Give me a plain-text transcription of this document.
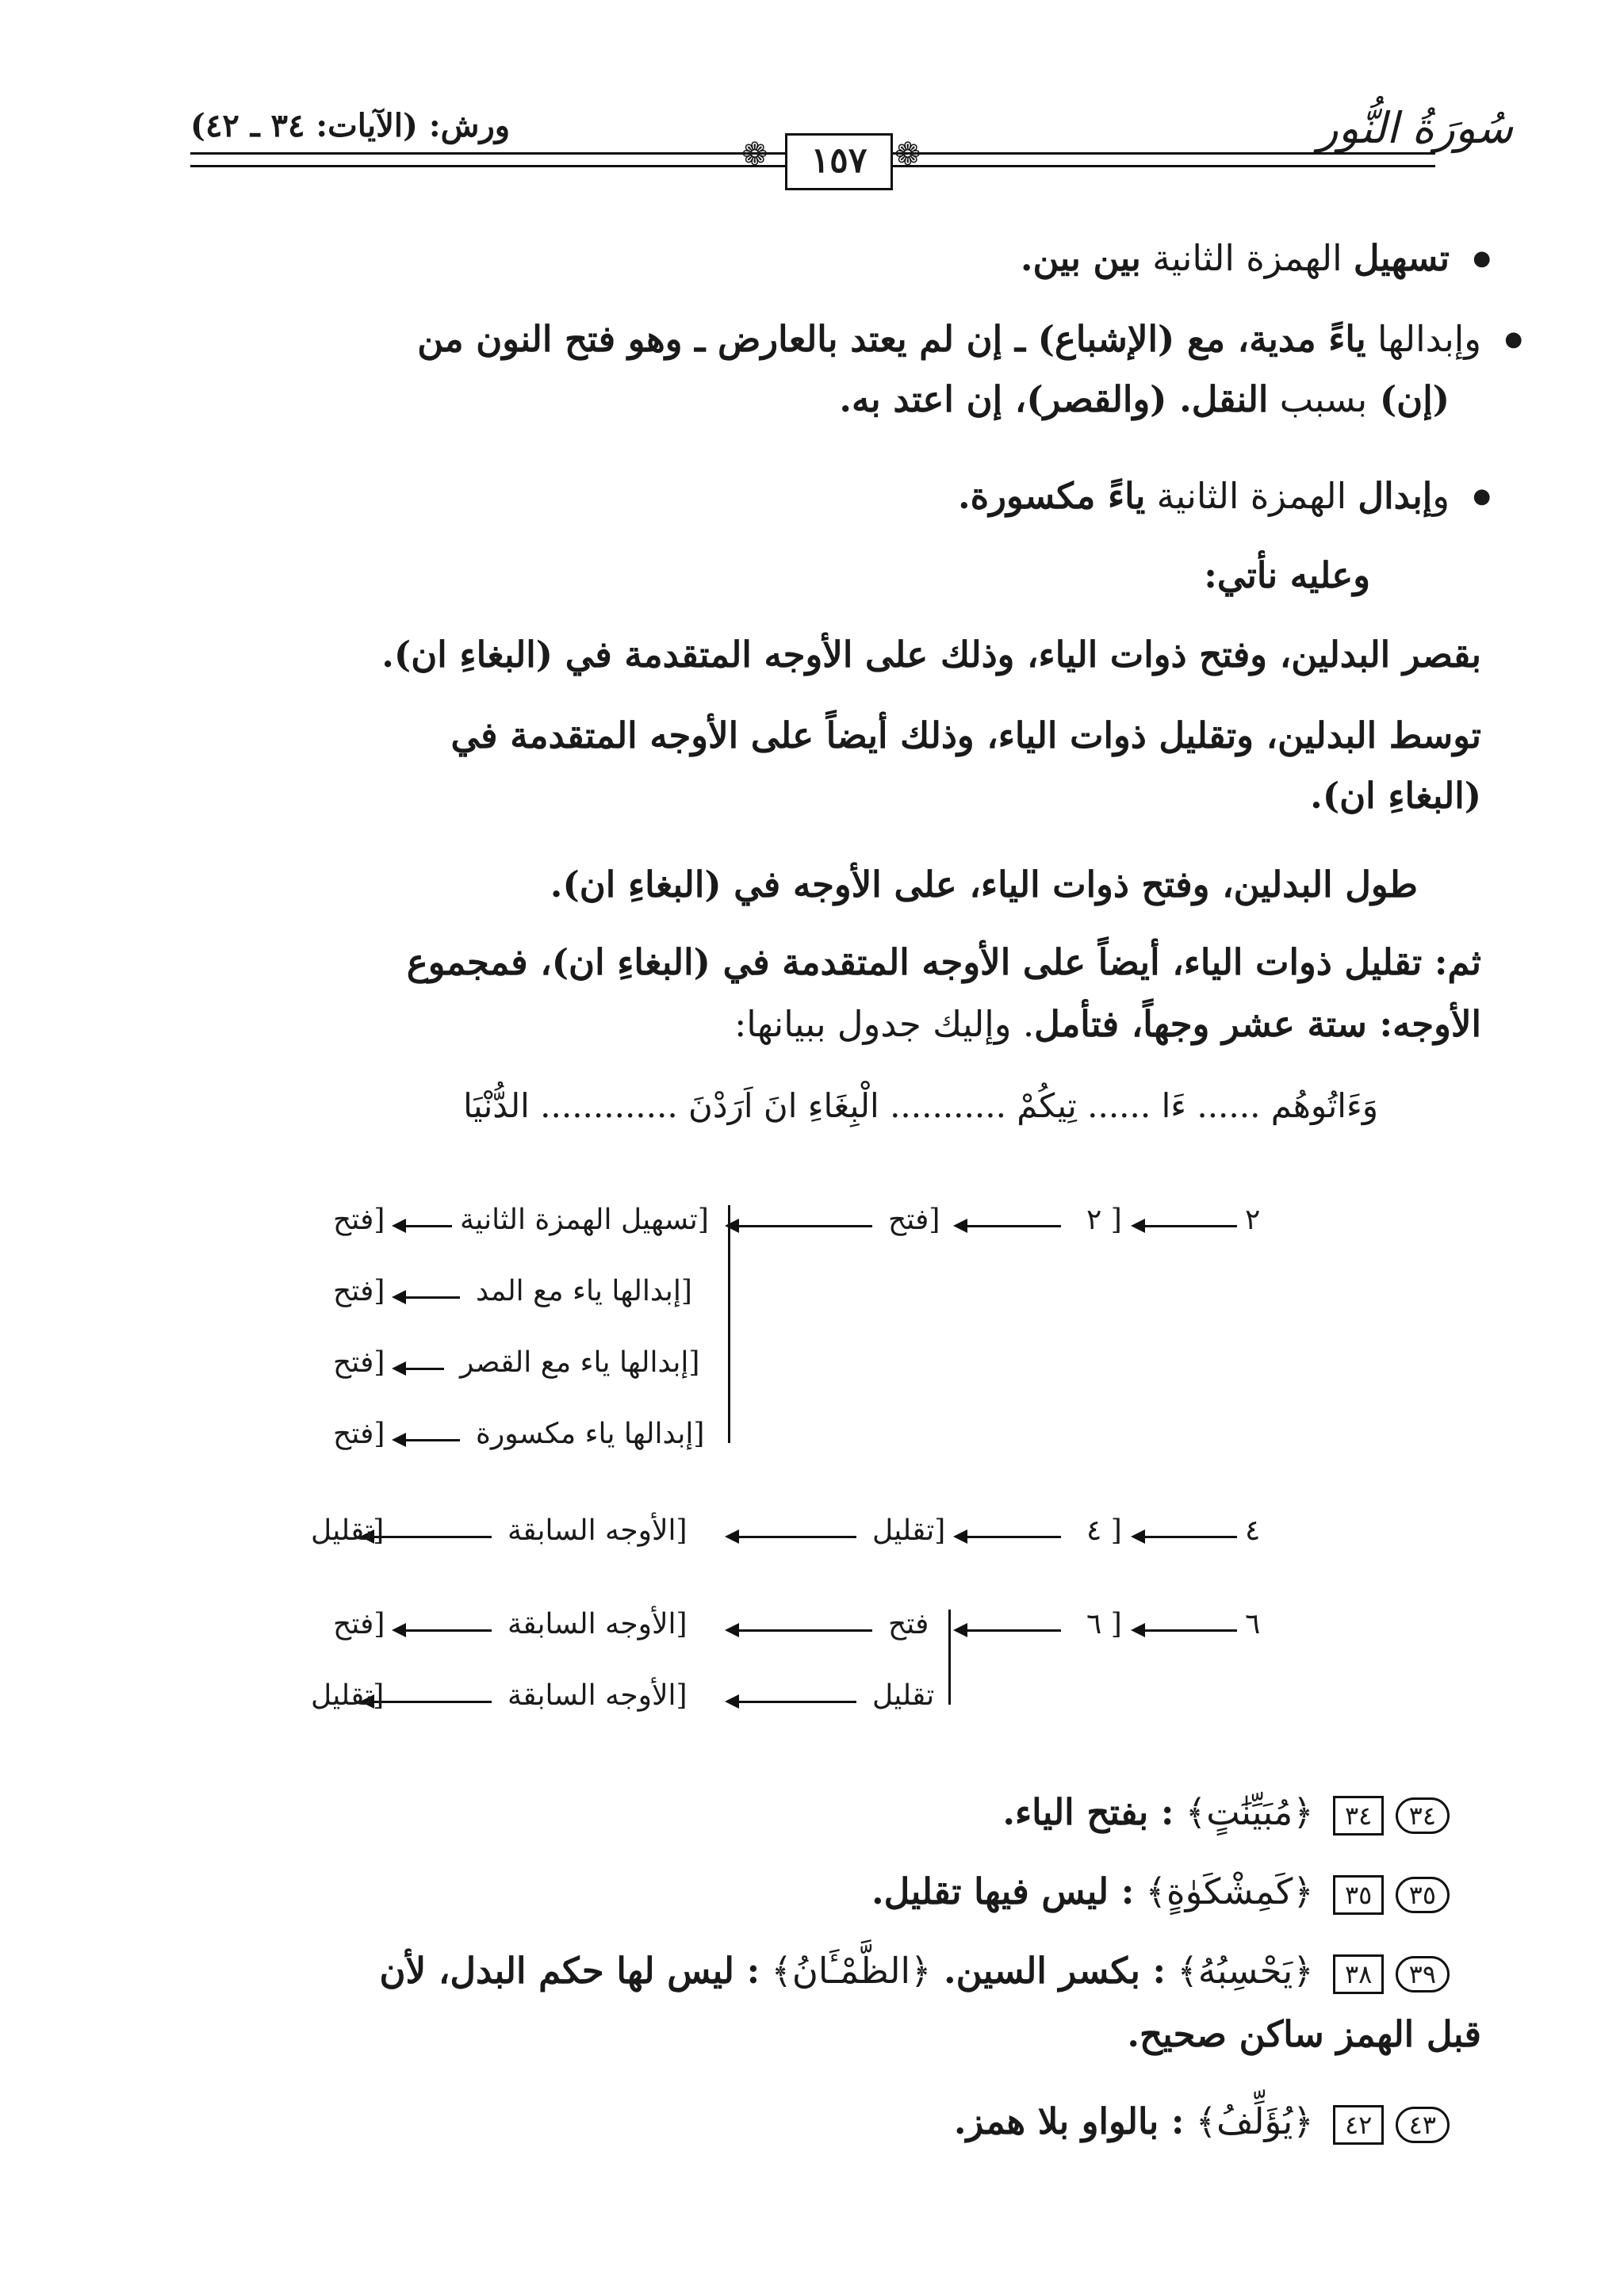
سُورَةُ النُّور
ورش: (الآيات: ٣٤ ـ ٤٢)
❁	❁
١٥٧
● تسهيل الهمزة الثانية بين بين.
● وإبدالها ياءً مدية، مع (الإشباع) ـ إن لم يعتد بالعارض ـ وهو فتح النون من
(إن) بسبب النقل. (والقصر)، إن اعتد به.
● وإبدال الهمزة الثانية ياءً مكسورة.
وعليه نأتي:
بقصر البدلين، وفتح ذوات الياء، وذلك على الأوجه المتقدمة في (البغاءِ ان).
توسط البدلين، وتقليل ذوات الياء، وذلك أيضاً على الأوجه المتقدمة في
(البغاءِ ان).
طول البدلين، وفتح ذوات الياء، على الأوجه في (البغاءِ ان).
ثم: تقليل ذوات الياء، أيضاً على الأوجه المتقدمة في (البغاءِ ان)، فمجموع
الأوجه: ستة عشر وجهاً، فتأمل. وإليك جدول ببيانها:
وَءَاتُوهُم ...... ءَا ...... تِيكُمْ ........... الْبِغَاءِ انَ اَرَدْنَ ............. الدُّنْيَا
٢
[ ٢
[فتح
[تسهيل الهمزة الثانية
[فتح
[إبدالها ياء مع المد
[فتح
[إبدالها ياء مع القصر
[فتح
[إبدالها ياء مكسورة
[فتح
٤
[ ٤
[تقليل
[الأوجه السابقة
[تقليل
٦
[ ٦
فتح
[الأوجه السابقة
[فتح
تقليل
[الأوجه السابقة
[تقليل
٣٤ ٣٤ ﴿مُبَيِّنَٰتٍ﴾ : بفتح الياء.
٣٥ ٣٥ ﴿كَمِشْكَوٰةٍ﴾ : ليس فيها تقليل.
٣٩ ٣٨ ﴿يَحْسِبُهُ﴾ : بكسر السين. ﴿الظَّمْـَٔانُ﴾ : ليس لها حكم البدل، لأن
قبل الهمز ساكن صحيح.
٤٣ ٤٢ ﴿يُؤَلِّفُ﴾ : بالواو بلا همز.
